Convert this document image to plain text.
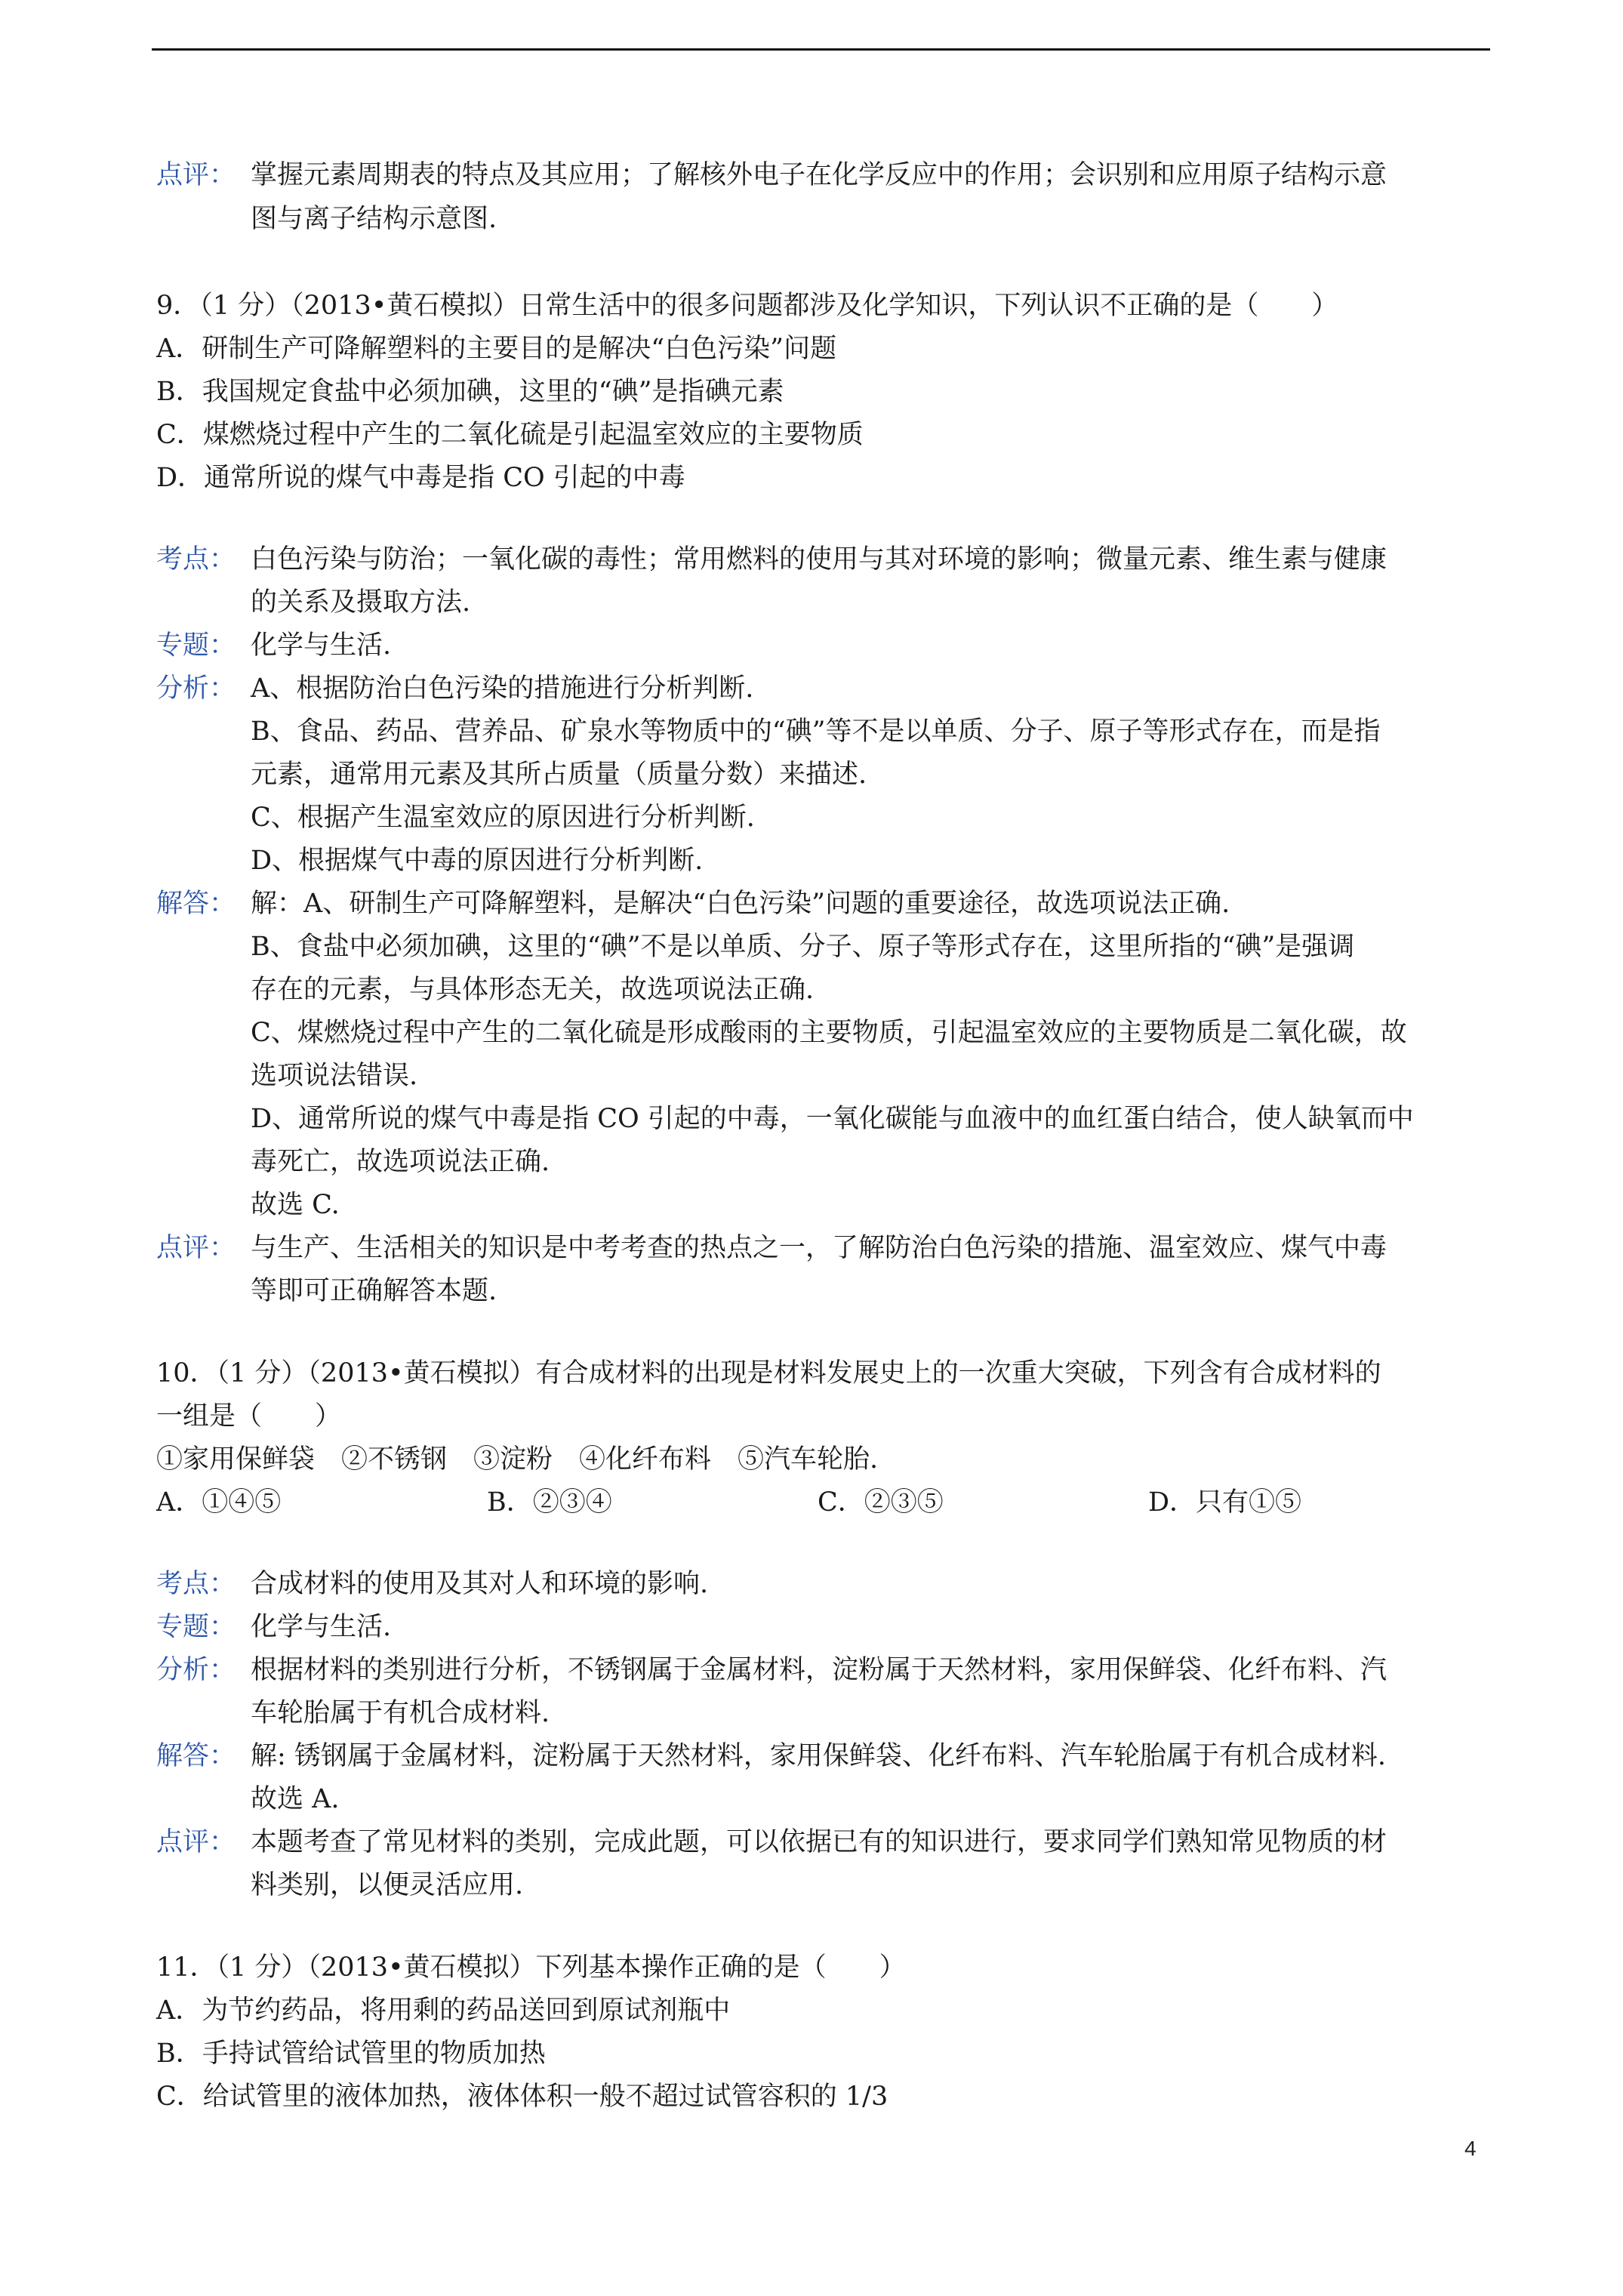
点评： 掌握元素周期表的特点及其应用；了解核外电子在化学反应中的作用；会识别和应用原子结构示意
图与离子结构示意图.
9．（1 分）（2013•黄石模拟）日常生活中的很多问题都涉及化学知识，下列认识不正确的是（　　）
A．研制生产可降解塑料的主要目的是解决“白色污染”问题
B．我国规定食盐中必须加碘，这里的“碘”是指碘元素
C．煤燃烧过程中产生的二氧化硫是引起温室效应的主要物质
D．通常所说的煤气中毒是指 CO 引起的中毒
考点： 白色污染与防治；一氧化碳的毒性；常用燃料的使用与其对环境的影响；微量元素、维生素与健康
的关系及摄取方法.
专题： 化学与生活.
分析： A、根据防治白色污染的措施进行分析判断.
B、食品、药品、营养品、矿泉水等物质中的“碘”等不是以单质、分子、原子等形式存在，而是指
元素，通常用元素及其所占质量（质量分数）来描述.
C、根据产生温室效应的原因进行分析判断.
D、根据煤气中毒的原因进行分析判断.
解答： 解：A、研制生产可降解塑料，是解决“白色污染”问题的重要途径，故选项说法正确.
B、食盐中必须加碘，这里的“碘”不是以单质、分子、原子等形式存在，这里所指的“碘”是强调
存在的元素，与具体形态无关，故选项说法正确.
C、煤燃烧过程中产生的二氧化硫是形成酸雨的主要物质，引起温室效应的主要物质是二氧化碳，故
选项说法错误.
D、通常所说的煤气中毒是指 CO 引起的中毒，一氧化碳能与血液中的血红蛋白结合，使人缺氧而中
毒死亡，故选项说法正确.
故选 C.
点评： 与生产、生活相关的知识是中考考查的热点之一，了解防治白色污染的措施、温室效应、煤气中毒
等即可正确解答本题.
10．（1 分）（2013•黄石模拟）有合成材料的出现是材料发展史上的一次重大突破，下列含有合成材料的
一组是（　　）
①家用保鲜袋　②不锈钢　③淀粉　④化纤布料　⑤汽车轮胎.
A．①④⑤	B．②③④	C．②③⑤	D．只有①⑤
考点： 合成材料的使用及其对人和环境的影响.
专题： 化学与生活.
分析： 根据材料的类别进行分析，不锈钢属于金属材料，淀粉属于天然材料，家用保鲜袋、化纤布料、汽
车轮胎属于有机合成材料.
解答： 解: 锈钢属于金属材料，淀粉属于天然材料，家用保鲜袋、化纤布料、汽车轮胎属于有机合成材料.
故选 A.
点评： 本题考查了常见材料的类别，完成此题，可以依据已有的知识进行，要求同学们熟知常见物质的材
料类别，以便灵活应用.
11．（1 分）（2013•黄石模拟）下列基本操作正确的是（　　）
A．为节约药品，将用剩的药品送回到原试剂瓶中
B．手持试管给试管里的物质加热
C．给试管里的液体加热，液体体积一般不超过试管容积的 1/3
4
